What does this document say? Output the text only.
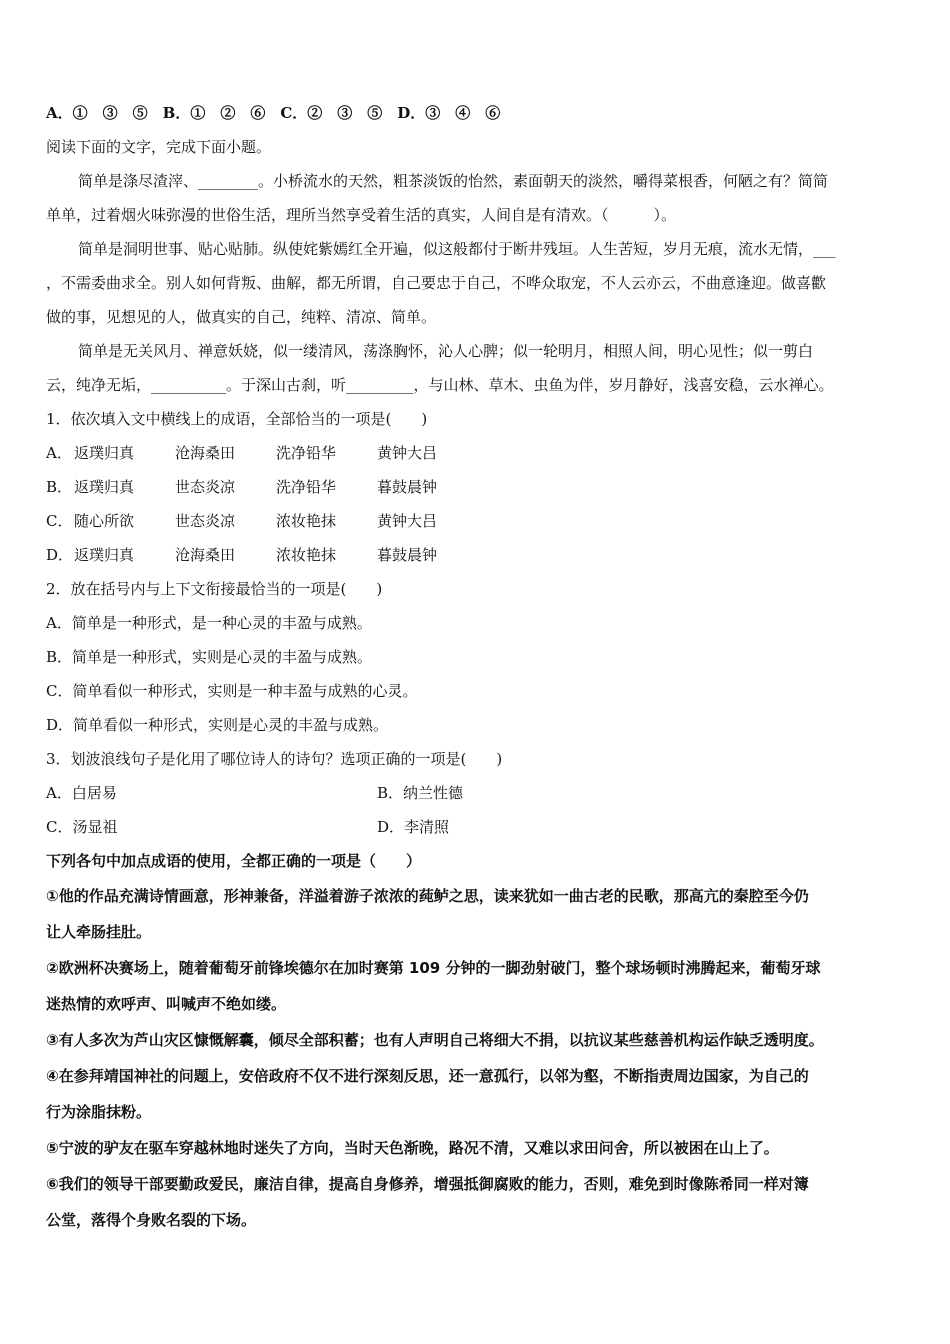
A．①　③　⑤　B．①　②　⑥　C．②　③　⑤　D．③　④　⑥
阅读下面的文字，完成下面小题。
简单是涤尽渣滓、________。小桥流水的天然，粗茶淡饭的怡然，素面朝天的淡然，嚼得菜根香，何陋之有？简简
单单，过着烟火味弥漫的世俗生活，理所当然享受着生活的真实，人间自是有清欢。（　　　）。
简单是洞明世事、贴心贴肺。纵使姹紫嫣红全开遍，似这般都付于断井残垣。人生苦短，岁月无痕，流水无情，___
，不需委曲求全。别人如何背叛、曲解，都无所谓，自己要忠于自己，不哗众取宠，不人云亦云，不曲意逢迎。做喜歡
做的事，见想见的人，做真实的自己，纯粹、清凉、简单。
简单是无关风月、禅意妖娆，似一缕清风，荡涤胸怀，沁人心脾；似一轮明月，相照人间，明心见性；似一剪白
云，纯净无垢，__________。于深山古刹，听_________，与山林、草木、虫鱼为伴，岁月静好，浅喜安稳，云水禅心。
1．依次填入文中横线上的成语，全部恰当的一项是(　　)
A． 返璞归真	沧海桑田	洗净铅华	黄钟大吕
B． 返璞归真	世态炎凉	洗净铅华	暮鼓晨钟
C． 随心所欲	世态炎凉	浓妆艳抹	黄钟大吕
D． 返璞归真	沧海桑田	浓妆艳抹	暮鼓晨钟
2．放在括号内与上下文衔接最恰当的一项是(　　)
A．简单是一种形式，是一种心灵的丰盈与成熟。
B．简单是一种形式，实则是心灵的丰盈与成熟。
C．简单看似一种形式，实则是一种丰盈与成熟的心灵。
D．简单看似一种形式，实则是心灵的丰盈与成熟。
3．划波浪线句子是化用了哪位诗人的诗句？选项正确的一项是(　　)
A．白居易	B．纳兰性德
C．汤显祖	D．李清照
下列各句中加点成语的使用，全都正确的一项是（　　）
①他的作品充满诗情画意，形神兼备，洋溢着游子浓浓的莼鲈之思，读来犹如一曲古老的民歌，那高亢的秦腔至今仍
让人牵肠挂肚。
②欧洲杯决赛场上，随着葡萄牙前锋埃德尔在加时赛第 109 分钟的一脚劲射破门，整个球场顿时沸腾起来，葡萄牙球
迷热情的欢呼声、叫喊声不绝如缕。
③有人多次为芦山灾区慷慨解囊，倾尽全部积蓄；也有人声明自己将细大不捐，以抗议某些慈善机构运作缺乏透明度。
④在参拜靖国神社的问题上，安倍政府不仅不进行深刻反思，还一意孤行，以邻为壑，不断指责周边国家，为自己的
行为涂脂抹粉。
⑤宁波的驴友在驱车穿越林地时迷失了方向，当时天色渐晚，路况不清，又难以求田问舍，所以被困在山上了。
⑥我们的领导干部要勤政爱民，廉洁自律，提高自身修养，增强抵御腐败的能力，否则，难免到时像陈希同一样对簿
公堂，落得个身败名裂的下场。
